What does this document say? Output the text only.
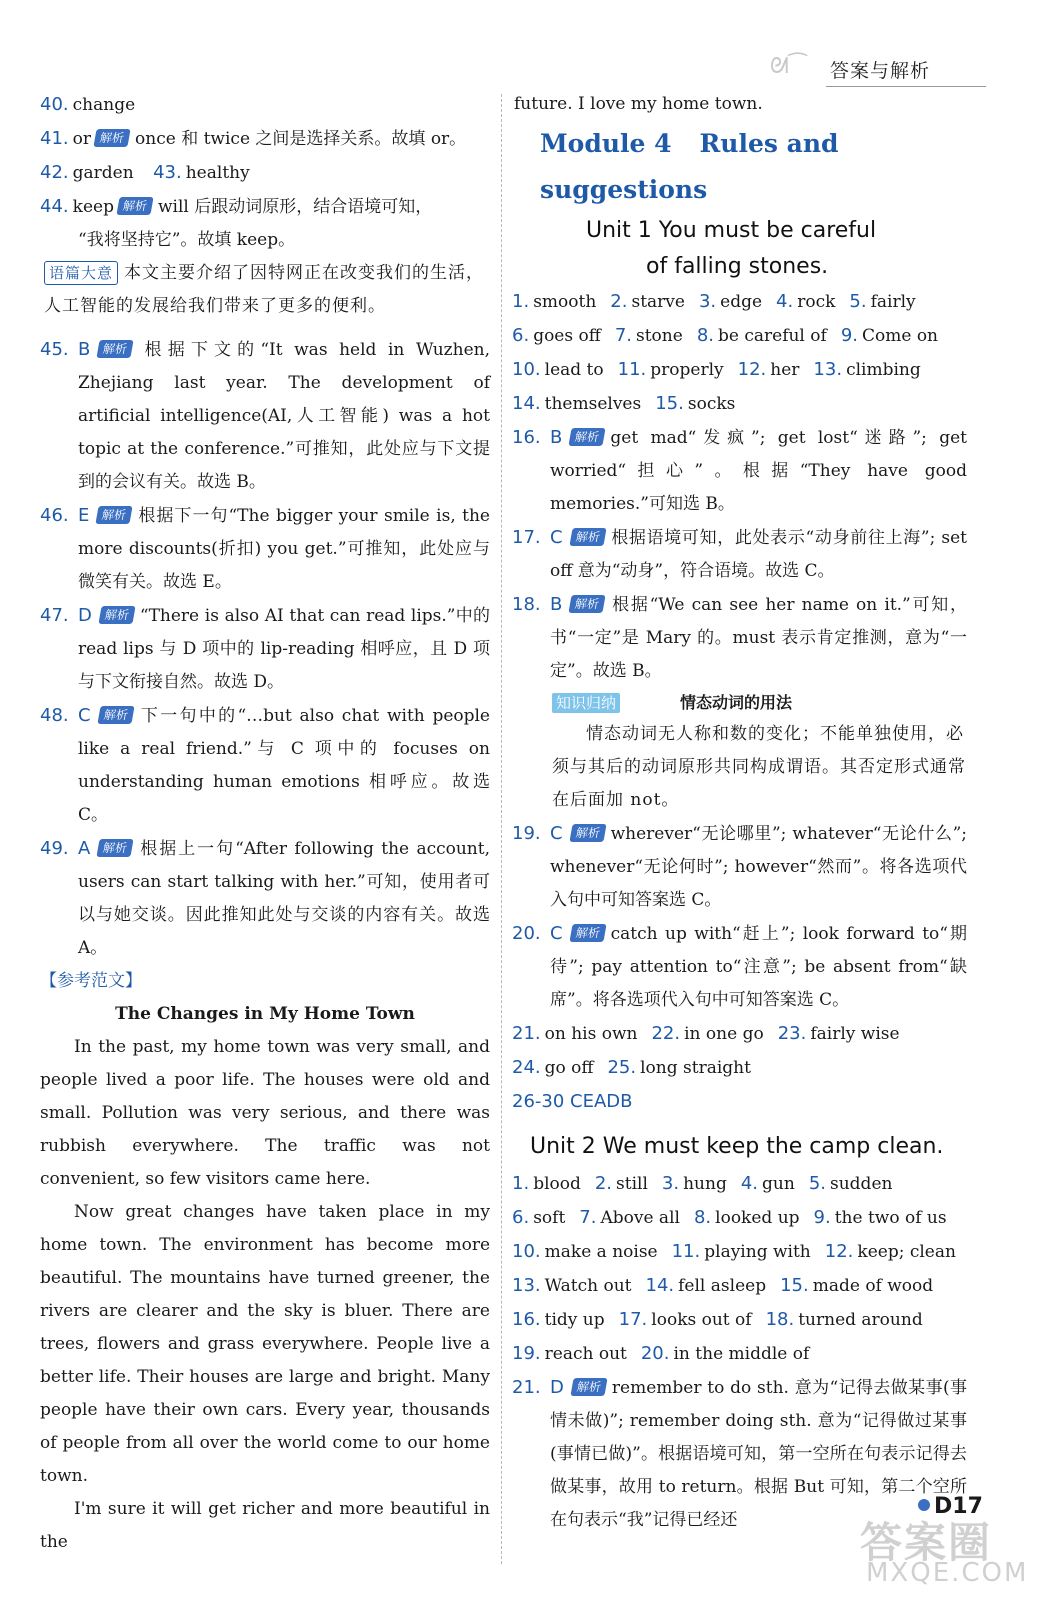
ᘛ⁀	答案与解析
40. change
41. or 解析 once 和 twice 之间是选择关系。故填 or。
42. garden 43. healthy
44. keep 解析 will 后跟动词原形，结合语境可知，
“我将坚持它”。故填 keep。
语篇大意 本文主要介绍了因特网正在改变我们的生活，人工智能的发展给我们带来了更多的便利。
45. B 解析 根据下文的“It was held in Wuzhen, Zhejiang last year. The development of artificial intelligence(AI,人工智能) was a hot topic at the conference.”可推知，此处应与下文提到的会议有关。故选 B。
46. E 解析 根据下一句“The bigger your smile is, the more discounts(折扣) you get.”可推知，此处应与微笑有关。故选 E。
47. D 解析 “There is also AI that can read lips.”中的 read lips 与 D 项中的 lip-reading 相呼应，且 D 项与下文衔接自然。故选 D。
48. C 解析 下一句中的“…but also chat with people like a real friend.”与 C 项中的 focuses on understanding human emotions 相呼应。故选 C。
49. A 解析 根据上一句“After following the account, users can start talking with her.”可知，使用者可以与她交谈。因此推知此处与交谈的内容有关。故选 A。
【参考范文】
The Changes in My Home Town
In the past, my home town was very small, and people lived a poor life. The houses were old and small. Pollution was very serious, and there was rubbish everywhere. The traffic was not convenient, so few visitors came here.
Now great changes have taken place in my home town. The environment has become more beautiful. The mountains have turned greener, the rivers are clearer and the sky is bluer. There are trees, flowers and grass everywhere. People live a better life. Their houses are large and bright. Many people have their own cars. Every year, thousands of people from all over the world come to our home town.
I'm sure it will get richer and more beautiful in the
future. I love my home town.
Module 4 Rules and suggestions
Unit 1 You must be careful
of falling stones.
1. smooth 2. starve 3. edge 4. rock 5. fairly
6. goes off 7. stone 8. be careful of 9. Come on
10. lead to 11. properly 12. her 13. climbing
14. themselves 15. socks
16. B 解析 get mad“发疯”; get lost“迷路”; get worried“担心”。根据“They have good memories.”可知选 B。
17. C 解析 根据语境可知，此处表示“动身前往上海”; set off 意为“动身”，符合语境。故选 C。
18. B 解析 根据“We can see her name on it.”可知，书“一定”是 Mary 的。must 表示肯定推测，意为“一定”。故选 B。
知识归纳	情态动词的用法
情态动词无人称和数的变化；不能单独使用，必须与其后的动词原形共同构成谓语。其否定形式通常在后面加 not。
19. C 解析 wherever“无论哪里”; whatever“无论什么”; whenever“无论何时”; however“然而”。将各选项代入句中可知答案选 C。
20. C 解析 catch up with“赶上”; look forward to“期待”; pay attention to“注意”; be absent from“缺席”。将各选项代入句中可知答案选 C。
21. on his own 22. in one go 23. fairly wise
24. go off 25. long straight
26-30 CEADB
Unit 2 We must keep the camp clean.
1. blood 2. still 3. hung 4. gun 5. sudden
6. soft 7. Above all 8. looked up 9. the two of us
10. make a noise 11. playing with 12. keep; clean
13. Watch out 14. fell asleep 15. made of wood
16. tidy up 17. looks out of 18. turned around
19. reach out 20. in the middle of
21. D 解析 remember to do sth. 意为“记得去做某事(事情未做)”; remember doing sth. 意为“记得做过某事(事情已做)”。根据语境可知，第一空所在句表示记得去做某事，故用 to return。根据 But 可知，第二个空所在句表示“我”记得已经还
D17
答案圈
MXQE.COM
